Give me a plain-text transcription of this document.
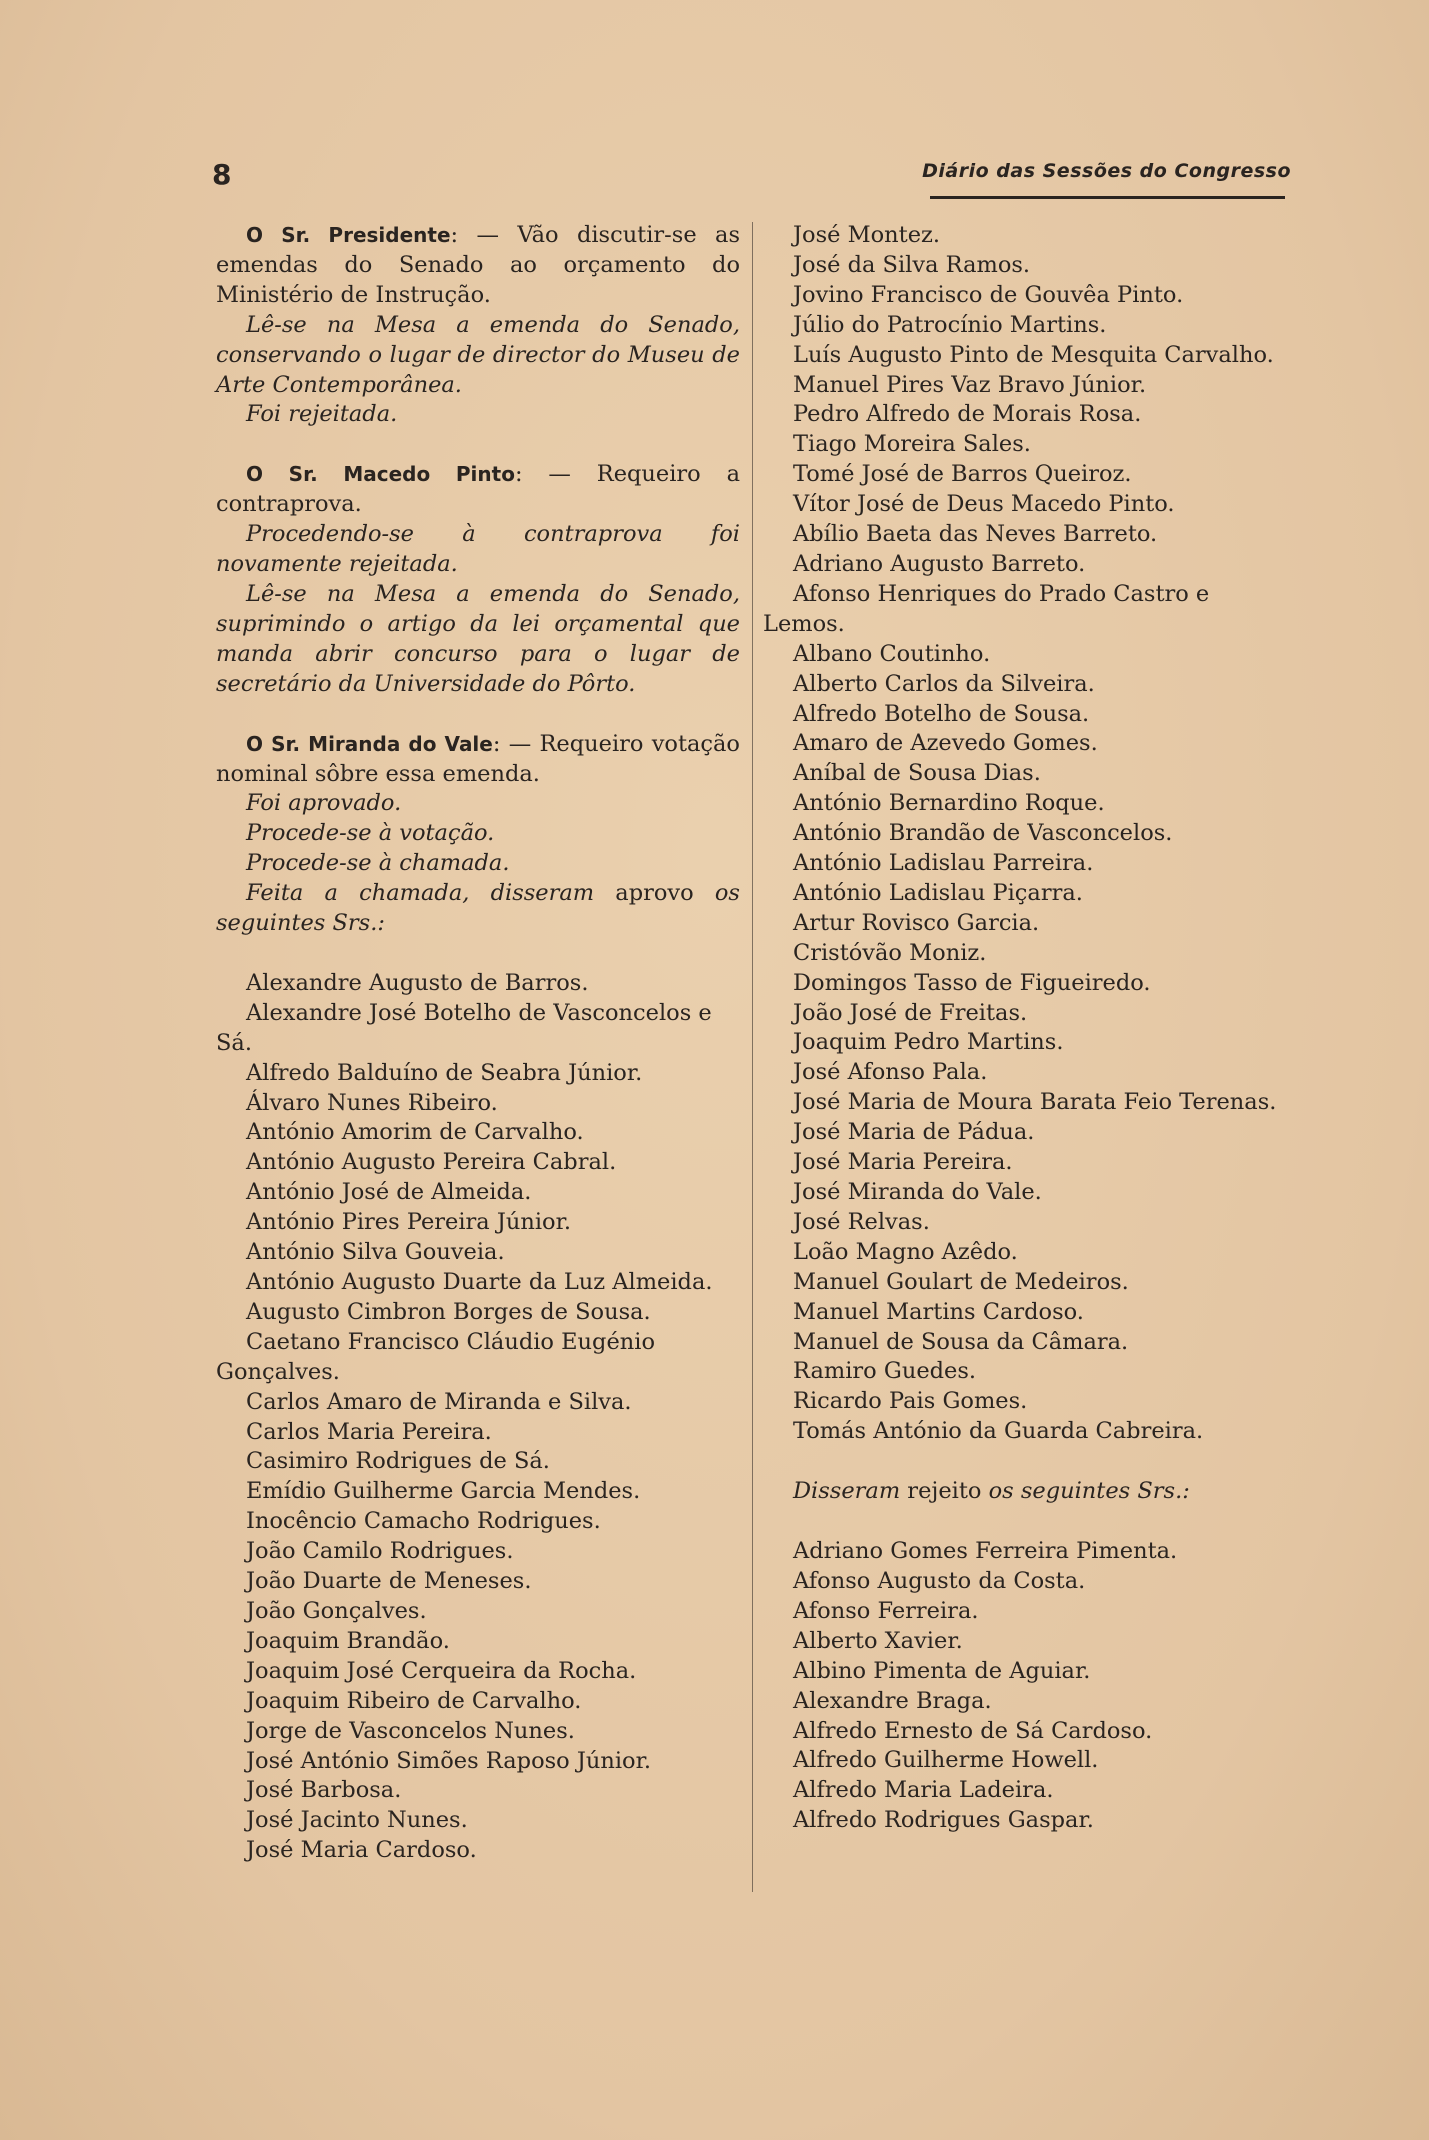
8	Diário das Sessões do Congresso

O Sr. Presidente: — Vão discutir-se as emendas do Senado ao orçamento do Ministério de Instrução.

Lê-se na Mesa a emenda do Senado, conservando o lugar de director do Museu de Arte Contemporânea.

Foi rejeitada.

O Sr. Macedo Pinto: — Requeiro a contraprova.

Procedendo-se à contraprova foi novamente rejeitada.

Lê-se na Mesa a emenda do Senado, suprimindo o artigo da lei orçamental que manda abrir concurso para o lugar de secretário da Universidade do Pôrto.

O Sr. Miranda do Vale: — Requeiro votação nominal sôbre essa emenda.

Foi aprovado.

Procede-se à votação.

Procede-se à chamada.

Feita a chamada, disseram aprovo os seguintes Srs.:

Alexandre Augusto de Barros.
Alexandre José Botelho de Vasconcelos e Sá.
Alfredo Balduíno de Seabra Júnior.
Álvaro Nunes Ribeiro.
António Amorim de Carvalho.
António Augusto Pereira Cabral.
António José de Almeida.
António Pires Pereira Júnior.
António Silva Gouveia.
António Augusto Duarte da Luz Almeida.
Augusto Cimbron Borges de Sousa.
Caetano Francisco Cláudio Eugénio Gonçalves.
Carlos Amaro de Miranda e Silva.
Carlos Maria Pereira.
Casimiro Rodrigues de Sá.
Emídio Guilherme Garcia Mendes.
Inocêncio Camacho Rodrigues.
João Camilo Rodrigues.
João Duarte de Meneses.
João Gonçalves.
Joaquim Brandão.
Joaquim José Cerqueira da Rocha.
Joaquim Ribeiro de Carvalho.
Jorge de Vasconcelos Nunes.
José António Simões Raposo Júnior.
José Barbosa.
José Jacinto Nunes.
José Maria Cardoso.
José Montez.
José da Silva Ramos.
Jovino Francisco de Gouvêa Pinto.
Júlio do Patrocínio Martins.
Luís Augusto Pinto de Mesquita Carvalho.
Manuel Pires Vaz Bravo Júnior.
Pedro Alfredo de Morais Rosa.
Tiago Moreira Sales.
Tomé José de Barros Queiroz.
Vítor José de Deus Macedo Pinto.
Abílio Baeta das Neves Barreto.
Adriano Augusto Barreto.
Afonso Henriques do Prado Castro e Lemos.
Albano Coutinho.
Alberto Carlos da Silveira.
Alfredo Botelho de Sousa.
Amaro de Azevedo Gomes.
Aníbal de Sousa Dias.
António Bernardino Roque.
António Brandão de Vasconcelos.
António Ladislau Parreira.
António Ladislau Piçarra.
Artur Rovisco Garcia.
Cristóvão Moniz.
Domingos Tasso de Figueiredo.
João José de Freitas.
Joaquim Pedro Martins.
José Afonso Pala.
José Maria de Moura Barata Feio Terenas.
José Maria de Pádua.
José Maria Pereira.
José Miranda do Vale.
José Relvas.
Loão Magno Azêdo.
Manuel Goulart de Medeiros.
Manuel Martins Cardoso.
Manuel de Sousa da Câmara.
Ramiro Guedes.
Ricardo Pais Gomes.
Tomás António da Guarda Cabreira.

Disseram rejeito os seguintes Srs.:

Adriano Gomes Ferreira Pimenta.
Afonso Augusto da Costa.
Afonso Ferreira.
Alberto Xavier.
Albino Pimenta de Aguiar.
Alexandre Braga.
Alfredo Ernesto de Sá Cardoso.
Alfredo Guilherme Howell.
Alfredo Maria Ladeira.
Alfredo Rodrigues Gaspar.
